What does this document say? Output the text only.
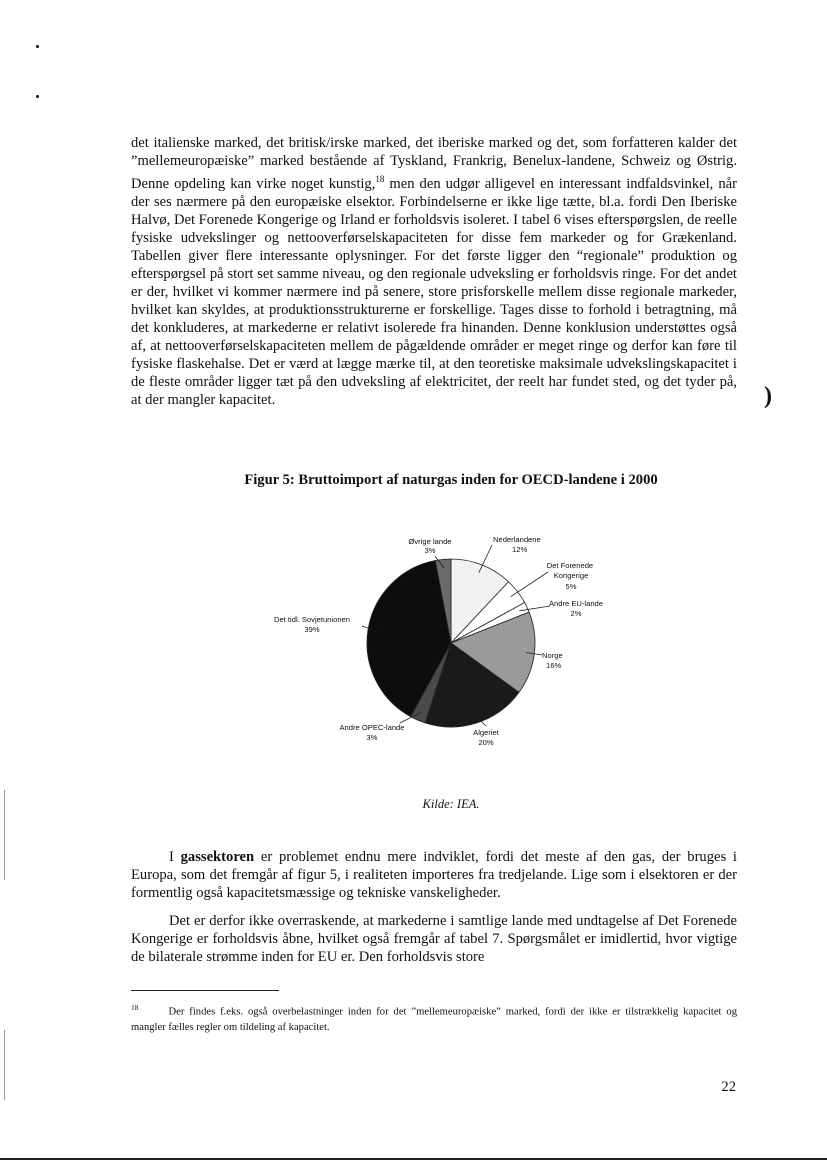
det italienske marked, det britisk/irske marked, det iberiske marked og det, som forfatteren kalder det ”mellemeuropæiske” marked bestående af Tyskland, Frankrig, Benelux-landene, Schweiz og Østrig. Denne opdeling kan virke noget kunstig,$^{18}$ men den udgør alligevel en interessant indfaldsvinkel, når der ses nærmere på den europæiske elsektor. Forbindelserne er ikke lige tætte, bl.a. fordi Den Iberiske Halvø, Det Forenede Kongerige og Irland er forholdsvis isoleret. I tabel 6 vises efterspørgslen, de reelle fysiske udvekslinger og nettooverførselskapaciteten for disse fem markeder og for Grækenland. Tabellen giver flere interessante oplysninger. For det første ligger den “regionale” produktion og efterspørgsel på stort set samme niveau, og den regionale udveksling er forholdsvis ringe. For det andet er der, hvilket vi kommer nærmere ind på senere, store prisforskelle mellem disse regionale markeder, hvilket kan skyldes, at produktionsstrukturerne er forskellige. Tages disse to forhold i betragtning, må det konkluderes, at markederne er relativt isolerede fra hinanden. Denne konklusion understøttes også af, at nettooverførselskapaciteten mellem de pågældende områder er meget ringe og derfor kan føre til fysiske flaskehalse. Det er værd at lægge mærke til, at den teoretiske maksimale udvekslingskapacitet i de fleste områder ligger tæt på den udveksling af elektricitet, der reelt har fundet sted, og det tyder på, at der mangler kapacitet.	)

Figur 5: Bruttoimport af naturgas inden for OECD-landene i 2000

Øvrige lande
3%
Nederlandene
12%
Det Forenede Kongerige
5%
Andre EU-lande
2%
Det tidl. Sovjetunionen
39%
Norge
16%
Andre OPEC-lande
3%
Algeriet
20%

Kilde: IEA.

I gassektoren er problemet endnu mere indviklet, fordi det meste af den gas, der bruges i Europa, som det fremgår af figur 5, i realiteten importeres fra tredjelande. Lige som i elsektoren er der formentlig også kapacitetsmæssige og tekniske vanskeligheder.

Det er derfor ikke overraskende, at markederne i samtlige lande med undtagelse af Det Forenede Kongerige er forholdsvis åbne, hvilket også fremgår af tabel 7. Spørgsmålet er imidlertid, hvor vigtige de bilaterale strømme inden for EU er. Den forholdsvis store

$^{18}$	Der findes f.eks. også overbelastninger inden for det ”mellemeuropæiske” marked, fordi der ikke er tilstrækkelig kapacitet og mangler fælles regler om tildeling af kapacitet.

22
